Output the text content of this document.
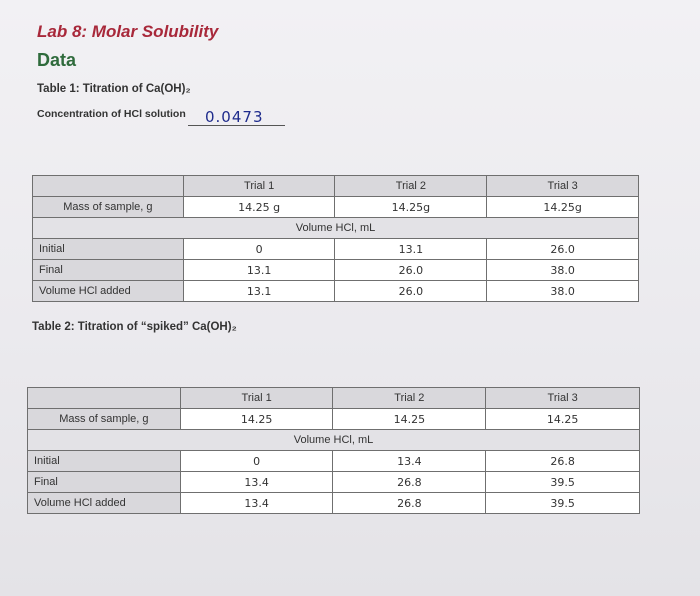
Lab 8: Molar Solubility
Data
Table 1: Titration of Ca(OH)₂
Concentration of HCl solution 0.0473
	Trial 1	Trial 2	Trial 3
Mass of sample, g	14.25 g	14.25g	14.25g
Volume HCl, mL			
Initial	0	13.1	26.0
Final	13.1	26.0	38.0
Volume HCl added	13.1	26.0	38.0
Table 2: Titration of “spiked” Ca(OH)₂
	Trial 1	Trial 2	Trial 3
Mass of sample, g	14.25	14.25	14.25
Volume HCl, mL			
Initial	0	13.4	26.8
Final	13.4	26.8	39.5
Volume HCl added	13.4	26.8	39.5
